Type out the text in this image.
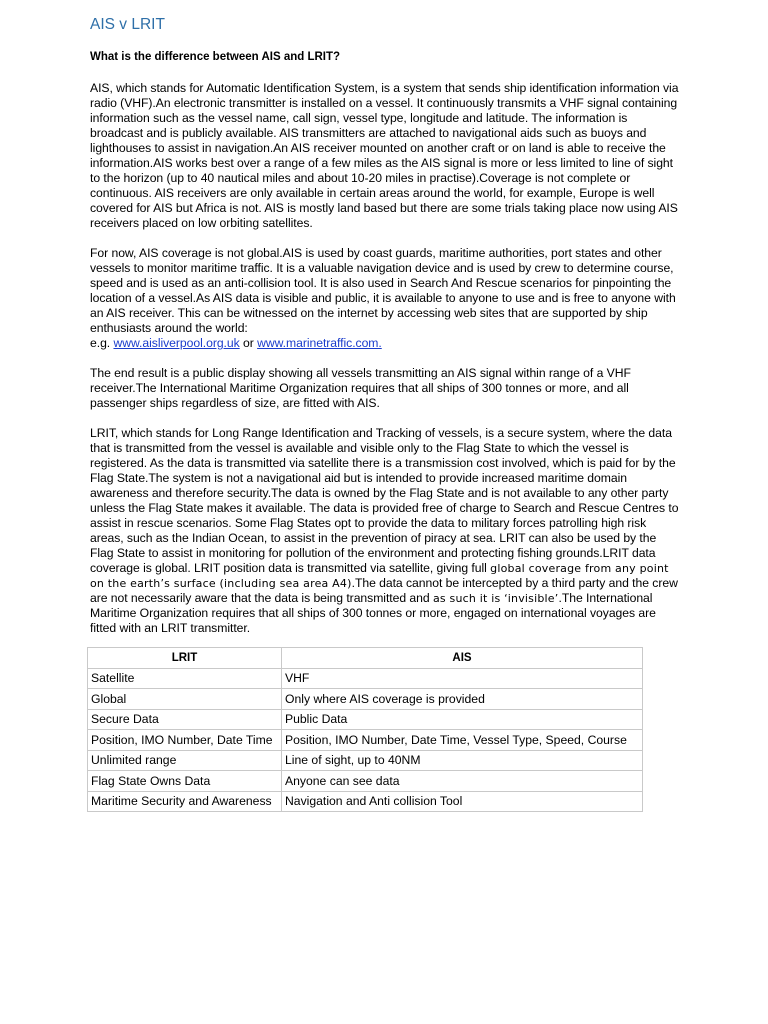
AIS v LRIT

What is the difference between AIS and LRIT?

AIS, which stands for Automatic Identification System, is a system that sends ship identification information via radio (VHF).An electronic transmitter is installed on a vessel. It continuously transmits a VHF signal containing information such as the vessel name, call sign, vessel type, longitude and latitude. The information is broadcast and is publicly available. AIS transmitters are attached to navigational aids such as buoys and lighthouses to assist in navigation.An AIS receiver mounted on another craft or on land is able to receive the information.AIS works best over a range of a few miles as the AIS signal is more or less limited to line of sight to the horizon (up to 40 nautical miles and about 10-20 miles in practise).Coverage is not complete or continuous. AIS receivers are only available in certain areas around the world, for example, Europe is well covered for AIS but Africa is not. AIS is mostly land based but there are some trials taking place now using AIS receivers placed on low orbiting satellites.

For now, AIS coverage is not global.AIS is used by coast guards, maritime authorities, port states and other vessels to monitor maritime traffic. It is a valuable navigation device and is used by crew to determine course, speed and is used as an anti-collision tool. It is also used in Search And Rescue scenarios for pinpointing the location of a vessel.As AIS data is visible and public, it is available to anyone to use and is free to anyone with an AIS receiver. This can be witnessed on the internet by accessing web sites that are supported by ship enthusiasts around the world:
e.g. www.aisliverpool.org.uk or www.marinetraffic.com.

The end result is a public display showing all vessels transmitting an AIS signal within range of a VHF receiver.The International Maritime Organization requires that all ships of 300 tonnes or more, and all passenger ships regardless of size, are fitted with AIS.

LRIT, which stands for Long Range Identification and Tracking of vessels, is a secure system, where the data that is transmitted from the vessel is available and visible only to the Flag State to which the vessel is registered. As the data is transmitted via satellite there is a transmission cost involved, which is paid for by the Flag State.The system is not a navigational aid but is intended to provide increased maritime domain awareness and therefore security.The data is owned by the Flag State and is not available to any other party unless the Flag State makes it available. The data is provided free of charge to Search and Rescue Centres to assist in rescue scenarios. Some Flag States opt to provide the data to military forces patrolling high risk areas, such as the Indian Ocean, to assist in the prevention of piracy at sea. LRIT can also be used by the Flag State to assist in monitoring for pollution of the environment and protecting fishing grounds.LRIT data coverage is global. LRIT position data is transmitted via satellite, giving full global coverage from any point on the earth’s surface (including sea area A4).The data cannot be intercepted by a third party and the crew are not necessarily aware that the data is being transmitted and as such it is ‘invisible’.The International Maritime Organization requires that all ships of 300 tonnes or more, engaged on international voyages are fitted with an LRIT transmitter.

LRIT	AIS
Satellite	VHF
Global	Only where AIS coverage is provided
Secure Data	Public Data
Position, IMO Number, Date Time	Position, IMO Number, Date Time, Vessel Type, Speed, Course
Unlimited range	Line of sight, up to 40NM
Flag State Owns Data	Anyone can see data
Maritime Security and Awareness	Navigation and Anti collision Tool
